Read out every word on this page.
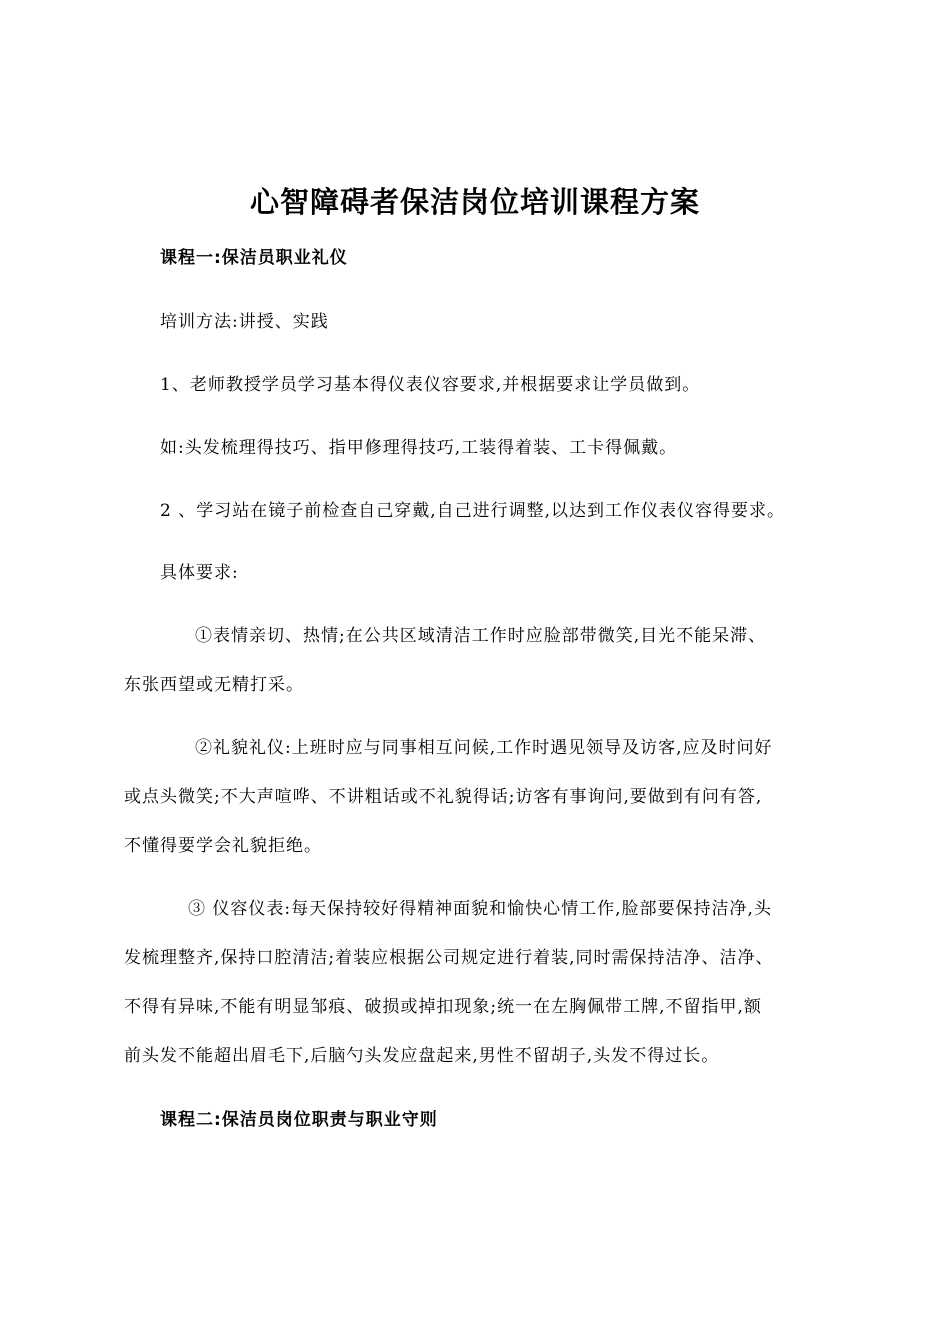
心智障碍者保洁岗位培训课程方案
课程一:保洁员职业礼仪
培训方法:讲授、实践
1、老师教授学员学习基本得仪表仪容要求,并根据要求让学员做到。
如:头发梳理得技巧、指甲修理得技巧,工装得着装、工卡得佩戴。
2 、学习站在镜子前检查自己穿戴,自己进行调整,以达到工作仪表仪容得要求。
具体要求:
①表情亲切、热情;在公共区域清洁工作时应脸部带微笑,目光不能呆滞、
东张西望或无精打采。
②礼貌礼仪:上班时应与同事相互问候,工作时遇见领导及访客,应及时问好
或点头微笑;不大声喧哗、不讲粗话或不礼貌得话;访客有事询问,要做到有问有答,
不懂得要学会礼貌拒绝。
③ 仪容仪表:每天保持较好得精神面貌和愉快心情工作,脸部要保持洁净,头
发梳理整齐,保持口腔清洁;着装应根据公司规定进行着装,同时需保持洁净、洁净、
不得有异味,不能有明显邹痕、破损或掉扣现象;统一在左胸佩带工牌,不留指甲,额
前头发不能超出眉毛下,后脑勺头发应盘起来,男性不留胡子,头发不得过长。
课程二:保洁员岗位职责与职业守则
